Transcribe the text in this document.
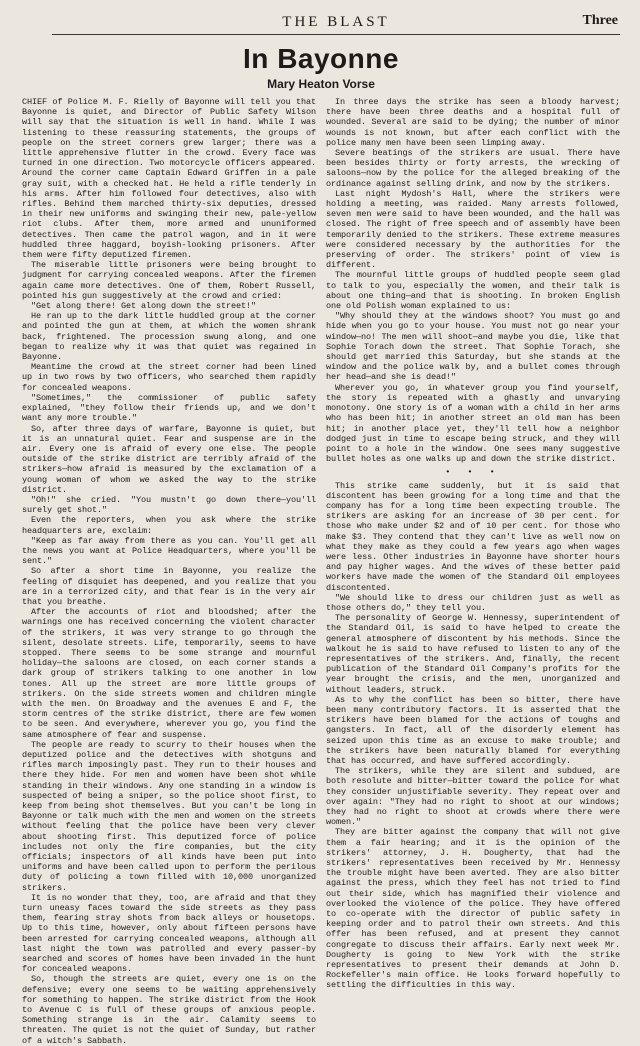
THE BLAST	Three
In Bayonne
Mary Heaton Vorse

CHIEF of Police M. F. Rielly of Bayonne will tell you that Bayonne is quiet, and Director of Public Safety Wilson will say that the situation is well in hand. While I was listening to these reassuring statements, the groups of people on the street corners grew larger; there was a little apprehensive flutter in the crowd. Every face was turned in one direction. Two motorcycle officers appeared. Around the corner came Captain Edward Griffen in a pale gray suit, with a checked hat. He held a rifle tenderly in his arms. After him followed four detectives, also with rifles. Behind them marched thirty-six deputies, dressed in their new uniforms and swinging their new, pale-yellow riot clubs. After them, more armed and ununiformed detectives. Then came the patrol wagon, and in it were huddled three haggard, boyish-looking prisoners. After them were fifty deputized firemen.

The miserable little prisoners were being brought to judgment for carrying concealed weapons. After the firemen again came more detectives. One of them, Robert Russell, pointed his gun suggestively at the crowd and cried:

"Get along there! Get along down the street!"

He ran up to the dark little huddled group at the corner and pointed the gun at them, at which the women shrank back, frightened. The procession swung along, and one began to realize why it was that quiet was regained in Bayonne.

Meantime the crowd at the street corner had been lined up in two rows by two officers, who searched them rapidly for concealed weapons.

"Sometimes," the commissioner of public safety explained, "they follow their friends up, and we don't want any more trouble."

So, after three days of warfare, Bayonne is quiet, but it is an unnatural quiet. Fear and suspense are in the air. Every one is afraid of every one else. The people outside of the strike district are terribly afraid of the strikers—how afraid is measured by the exclamation of a young woman of whom we asked the way to the strike district.

"Oh!" she cried. "You mustn't go down there—you'll surely get shot."

Even the reporters, when you ask where the strike headquarters are, exclaim:

"Keep as far away from there as you can. You'll get all the news you want at Police Headquarters, where you'll be sent."

So after a short time in Bayonne, you realize the feeling of disquiet has deepened, and you realize that you are in a terrorized city, and that fear is in the very air that you breathe.

After the accounts of riot and bloodshed; after the warnings one has received concerning the violent character of the strikers, it was very strange to go through the silent, desolate streets. Life, temporarily, seems to have stopped. There seems to be some strange and mournful holiday—the saloons are closed, on each corner stands a dark group of strikers talking to one another in low tones. All up the street are more little groups of strikers. On the side streets women and children mingle with the men. On Broadway and the avenues E and F, the storm centres of the strike district, there are few women to be seen. And everywhere, wherever you go, you find the same atmosphere of fear and suspense.

The people are ready to scurry to their houses when the deputized police and the detectives with shotguns and rifles march imposingly past. They run to their houses and there they hide. For men and women have been shot while standing in their windows. Any one standing in a window is suspected of being a sniper, so the police shoot first, to keep from being shot themselves. But you can't be long in Bayonne or talk much with the men and women on the streets without feeling that the police have been very clever about shooting first. This deputized force of police includes not only the fire companies, but the city officials; inspectors of all kinds have been put into uniforms and have been called upon to perform the perilous duty of policing a town filled with 10,000 unorganized strikers.

It is no wonder that they, too, are afraid and that they turn uneasy faces toward the side streets as they pass them, fearing stray shots from back alleys or housetops. Up to this time, however, only about fifteen persons have been arrested for carrying concealed weapons, although all last night the town was patrolled and every passer-by searched and scores of homes have been invaded in the hunt for concealed weapons.

So, though the streets are quiet, every one is on the defensive; every one seems to be waiting apprehensively for something to happen. The strike district from the Hook to Avenue C is full of these groups of anxious people. Something strange is in the air. Calamity seems to threaten. The quiet is not the quiet of Sunday, but rather of a witch's Sabbath.

In three days the strike has seen a bloody harvest; there have been three deaths and a hospital full of wounded. Several are said to be dying; the number of minor wounds is not known, but after each conflict with the police many men have been seen limping away.

Severe beatings of the strikers are usual. There have been besides thirty or forty arrests, the wrecking of saloons—now by the police for the alleged breaking of the ordinance against selling drink, and now by the strikers.

Last night Mydosh's Hall, where the strikers were holding a meeting, was raided. Many arrests followed, seven men were said to have been wounded, and the hall was closed. The right of free speech and of assembly have been temporarily denied to the strikers. These extreme measures were considered necessary by the authorities for the preserving of order. The strikers' point of view is different.

The mournful little groups of huddled people seem glad to talk to you, especially the women, and their talk is about one thing—and that is shooting. In broken English one old Polish woman explained to us:

"Why should they at the windows shoot? You must go and hide when you go to your house. You must not go near your window—no! The men will shoot—and maybe you die, like that Sophie Torach down the street. That Sophie Torach, she should get married this Saturday, but she stands at the window and the police walk by, and a bullet comes through her head—and she is dead!"

Wherever you go, in whatever group you find yourself, the story is repeated with a ghastly and unvarying monotony. One story is of a woman with a child in her arms who has been hit; in another street an old man has been hit; in another place yet, they'll tell how a neighbor dodged just in time to escape being struck, and they will point to a hole in the window. One sees many suggestive bullet holes as one walks up and down the strike district.

• • •

This strike came suddenly, but it is said that discontent has been growing for a long time and that the company has for a long time been expecting trouble. The strikers are asking for an increase of 30 per cent. for those who make under $2 and of 10 per cent. for those who make $3. They contend that they can't live as well now on what they make as they could a few years ago when wages were less. Other industries in Bayonne have shorter hours and pay higher wages. And the wives of these better paid workers have made the women of the Standard Oil employees discontented.

"We should like to dress our children just as well as those others do," they tell you.

The personality of George W. Hennessy, superintendent of the Standard Oil, is said to have helped to create the general atmosphere of discontent by his methods. Since the walkout he is said to have refused to listen to any of the representatives of the strikers. And, finally, the recent publication of the Standard Oil Company's profits for the year brought the crisis, and the men, unorganized and without leaders, struck.

As to why the conflict has been so bitter, there have been many contributory factors. It is asserted that the strikers have been blamed for the actions of toughs and gangsters. In fact, all of the disorderly element has seized upon this time as an excuse to make trouble; and the strikers have been naturally blamed for everything that has occurred, and have suffered accordingly.

The strikers, while they are silent and subdued, are both resolute and bitter—bitter toward the police for what they consider unjustifiable severity. They repeat over and over again: "They had no right to shoot at our windows; they had no right to shoot at crowds where there were women."

They are bitter against the company that will not give them a fair hearing; and it is the opinion of the strikers' attorney, J. H. Dougherty, that had the strikers' representatives been received by Mr. Hennessy the trouble might have been averted. They are also bitter against the press, which they feel has not tried to find out their side, which has magnified their violence and overlooked the violence of the police. They have offered to co-operate with the director of public safety in keeping order and to patrol their own streets. And this offer has been refused, and at present they cannot congregate to discuss their affairs. Early next week Mr. Dougherty is going to New York with the strike representatives to present their demands at John D. Rockefeller's main office. He looks forward hopefully to settling the difficulties in this way.
